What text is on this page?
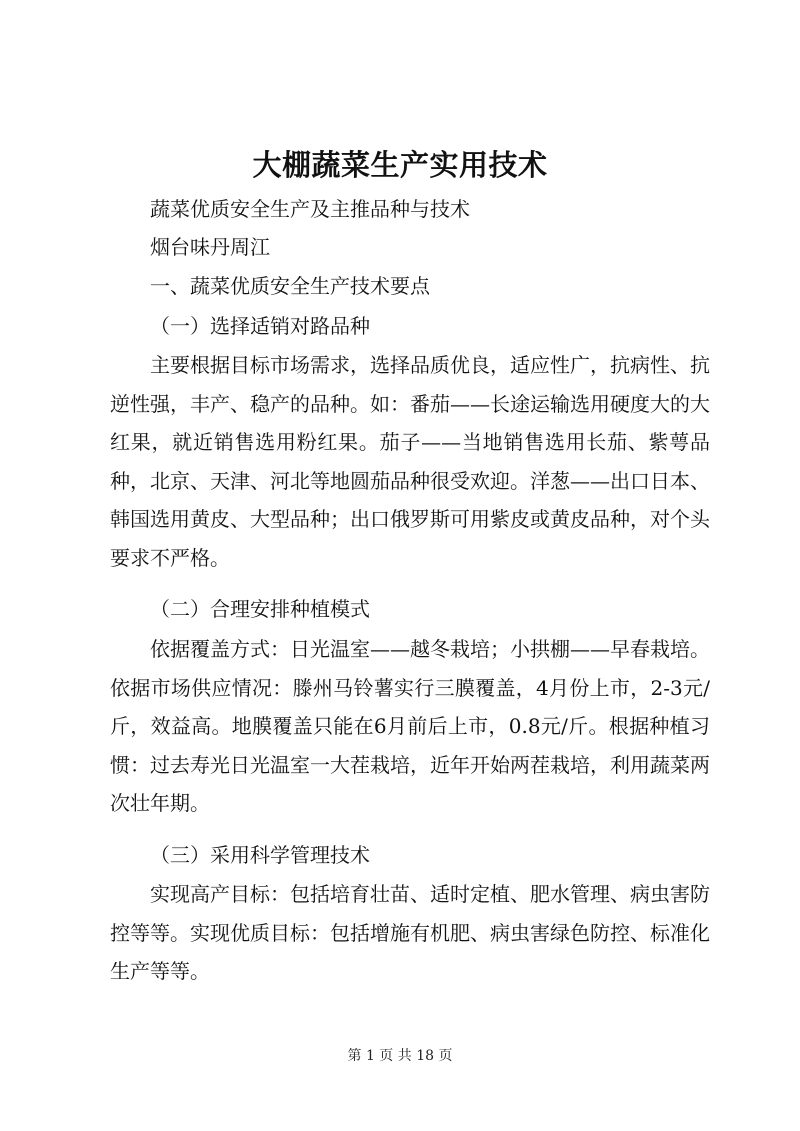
大棚蔬菜生产实用技术
蔬菜优质安全生产及主推品种与技术
烟台味丹周江
一、蔬菜优质安全生产技术要点
（一）选择适销对路品种

主要根据目标市场需求，选择品质优良，适应性广，抗病性、抗逆性强，丰产、稳产的品种。如：番茄——长途运输选用硬度大的大红果，就近销售选用粉红果。茄子——当地销售选用长茄、紫萼品种，北京、天津、河北等地圆茄品种很受欢迎。洋葱——出口日本、韩国选用黄皮、大型品种；出口俄罗斯可用紫皮或黄皮品种，对个头要求不严格。

（二）合理安排种植模式

依据覆盖方式：日光温室——越冬栽培；小拱棚——早春栽培。依据市场供应情况：滕州马铃薯实行三膜覆盖，4月份上市，2-3元/斤，效益高。地膜覆盖只能在6月前后上市，0.8元/斤。根据种植习惯：过去寿光日光温室一大茬栽培，近年开始两茬栽培，利用蔬菜两次壮年期。

（三）采用科学管理技术

实现高产目标：包括培育壮苗、适时定植、肥水管理、病虫害防控等等。实现优质目标：包括增施有机肥、病虫害绿色防控、标准化生产等等。

第 1 页 共 18 页
